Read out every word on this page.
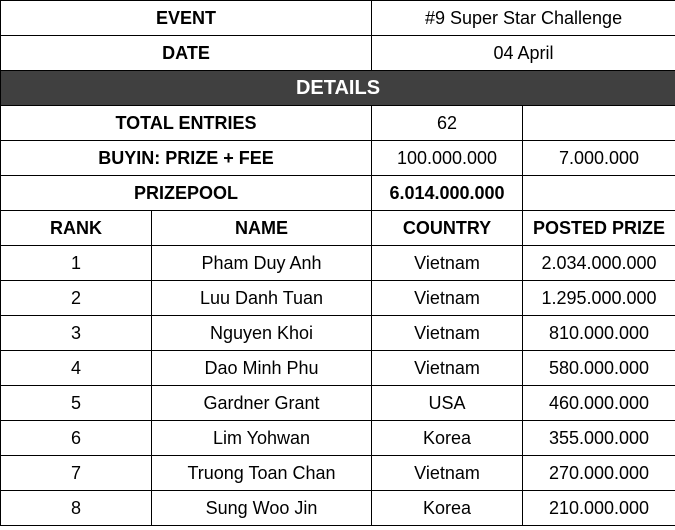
EVENT		#9 Super Star Challenge	
DATE		04 April	
DETAILS			
TOTAL ENTRIES		62	
BUYIN: PRIZE + FEE		100.000.000	7.000.000
PRIZEPOOL		6.014.000.000	
RANK	NAME	COUNTRY	POSTED PRIZE
1	Pham Duy Anh	Vietnam	2.034.000.000
2	Luu Danh Tuan	Vietnam	1.295.000.000
3	Nguyen Khoi	Vietnam	810.000.000
4	Dao Minh Phu	Vietnam	580.000.000
5	Gardner Grant	USA	460.000.000
6	Lim Yohwan	Korea	355.000.000
7	Truong Toan Chan	Vietnam	270.000.000
8	Sung Woo Jin	Korea	210.000.000
